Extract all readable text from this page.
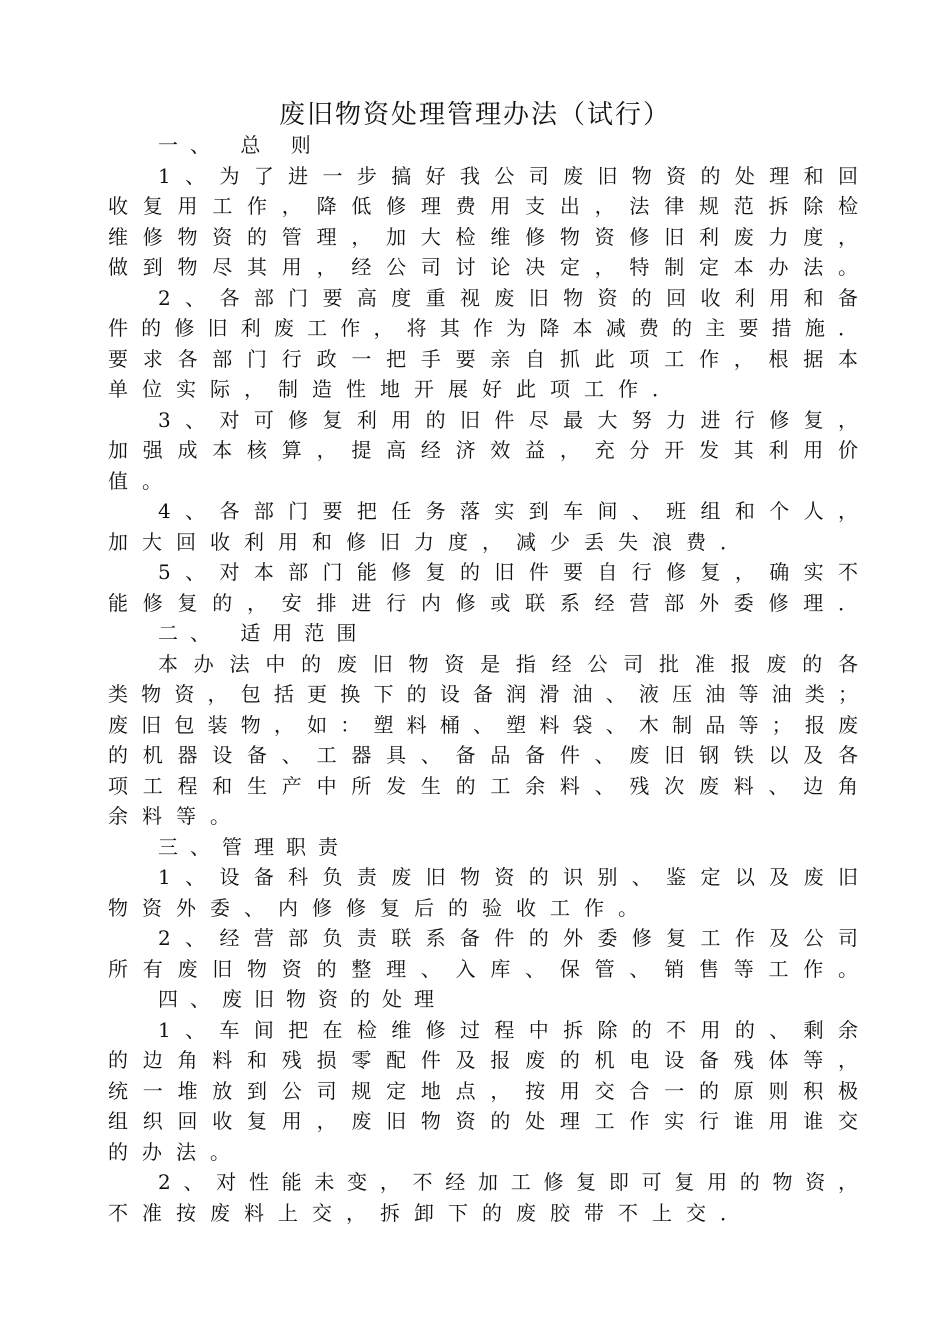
废旧物资处理管理办法（试行）
一、 总 则
1、为了进一步搞好我公司废旧物资的处理和回
收复用工作，降低修理费用支出，法律规范拆除检
维修物资的管理，加大检维修物资修旧利废力度，
做到物尽其用，经公司讨论决定，特制定本办法。
2、各部门要高度重视废旧物资的回收利用和备
件的修旧利废工作，将其作为降本减费的主要措施．
要求各部门行政一把手要亲自抓此项工作，根据本
单位实际，制造性地开展好此项工作．
3、对可修复利用的旧件尽最大努力进行修复，
加强成本核算，提高经济效益，充分开发其利用价
值。
4、各部门要把任务落实到车间、班组和个人，
加大回收利用和修旧力度，减少丢失浪费．
5、对本部门能修复的旧件要自行修复，确实不
能修复的，安排进行内修或联系经营部外委修理．
二、 适用范围
本办法中的废旧物资是指经公司批准报废的各
类物资，包括更换下的设备润滑油、液压油等油类；
废旧包装物，如：塑料桶、塑料袋、木制品等；报废
的机器设备、工器具、备品备件、废旧钢铁以及各
项工程和生产中所发生的工余料、残次废料、边角
余料等。
三、管理职责
1、设备科负责废旧物资的识别、鉴定以及废旧
物资外委、内修修复后的验收工作。
2、经营部负责联系备件的外委修复工作及公司
所有废旧物资的整理、入库、保管、销售等工作。
四、废旧物资的处理
1、车间把在检维修过程中拆除的不用的、剩余
的边角料和残损零配件及报废的机电设备残体等，
统一堆放到公司规定地点，按用交合一的原则积极
组织回收复用，废旧物资的处理工作实行谁用谁交
的办法。
2、对性能未变，不经加工修复即可复用的物资，
不准按废料上交，拆卸下的废胶带不上交．
